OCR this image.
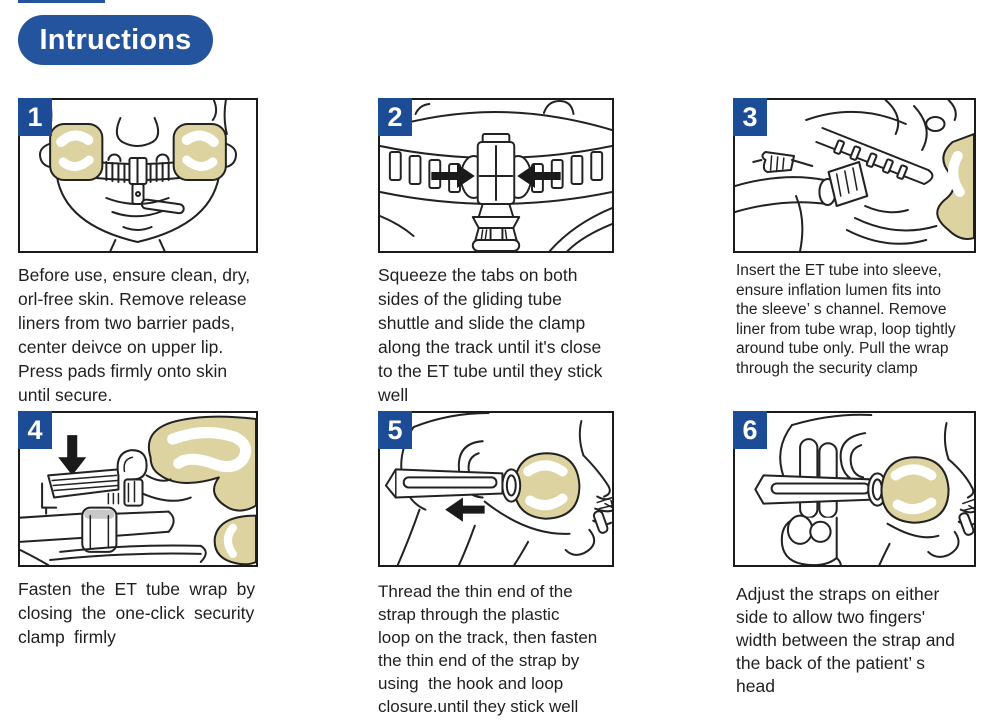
Intructions
1
Before use, ensure clean, dry,
orl-free skin. Remove release
liners from two barrier pads,
center deivce on upper lip.
Press pads firmly onto skin
until secure.
2
Squeeze the tabs on both
sides of the gliding tube
shuttle and slide the clamp
along the track until it's close
to the ET tube until they stick
well
3
Insert the ET tube into sleeve,
ensure inflation lumen fits into
the sleeve’ s channel. Remove
liner from tube wrap, loop tightly
around tube only. Pull the wrap
through the security clamp
4
Fasten the ET tube wrap by
closing the one-click security
clamp firmly
5
Thread the thin end of the
strap through the plastic
loop on the track, then fasten
the thin end of the strap by
using  the hook and loop
closure.until they stick well
6
Adjust the straps on either
side to allow two fingers'
width between the strap and
the back of the patient’ s
head
